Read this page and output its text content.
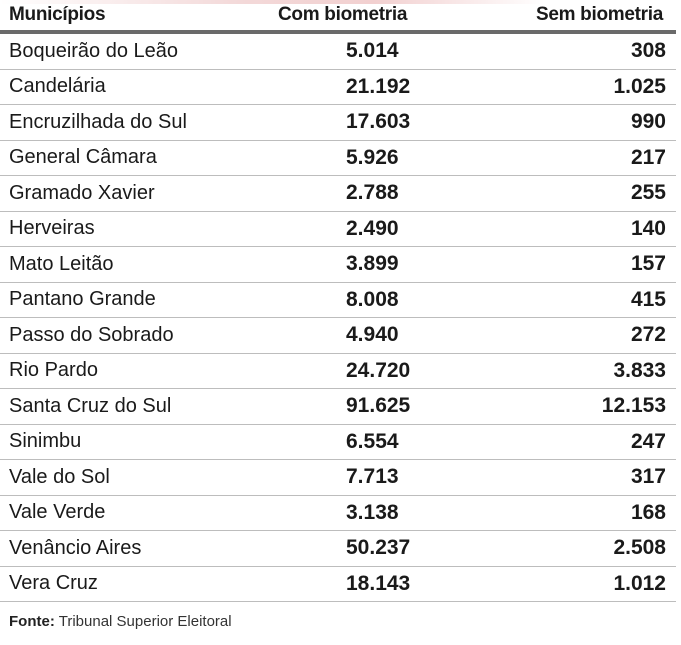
Municípios	Com biometria	Sem biometria
Boqueirão do Leão	5.014	308
Candelária	21.192	1.025
Encruzilhada do Sul	17.603	990
General Câmara	5.926	217
Gramado Xavier	2.788	255
Herveiras	2.490	140
Mato Leitão	3.899	157
Pantano Grande	8.008	415
Passo do Sobrado	4.940	272
Rio Pardo	24.720	3.833
Santa Cruz do Sul	91.625	12.153
Sinimbu	6.554	247
Vale do Sol	7.713	317
Vale Verde	3.138	168
Venâncio Aires	50.237	2.508
Vera Cruz	18.143	1.012
Fonte: Tribunal Superior Eleitoral
